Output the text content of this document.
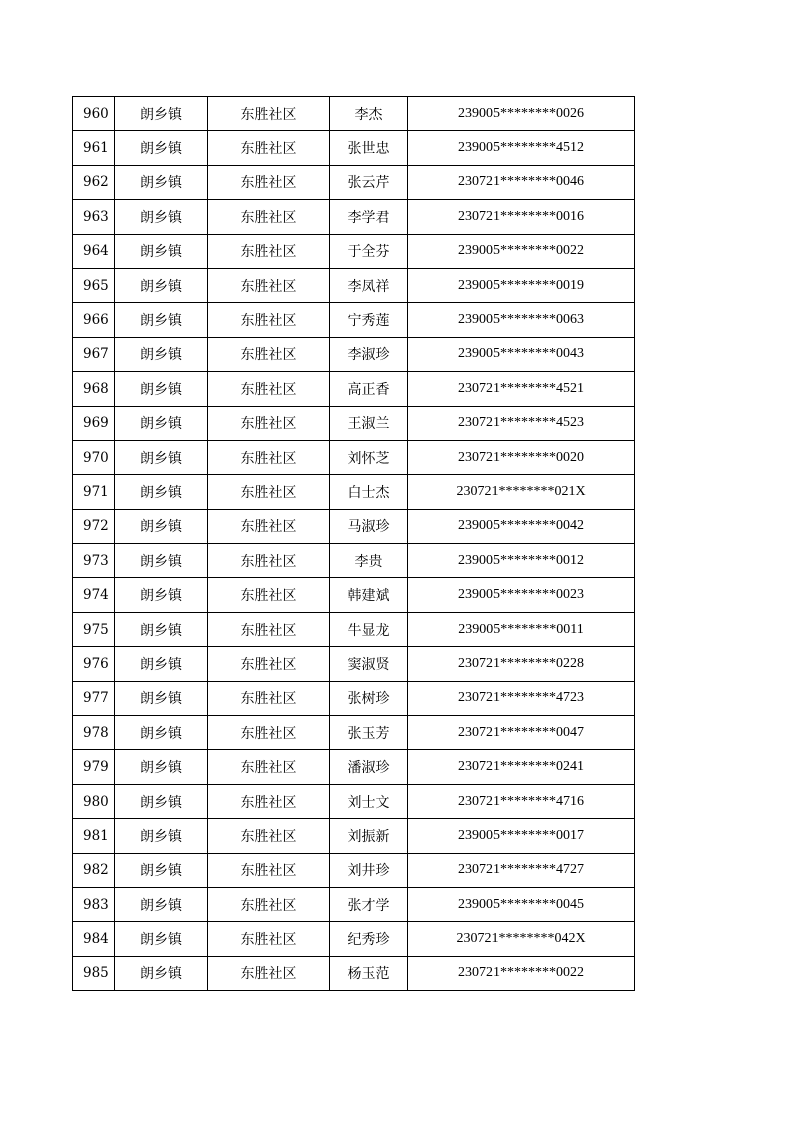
960	朗乡镇	东胜社区	李杰	239005********0026
961	朗乡镇	东胜社区	张世忠	239005********4512
962	朗乡镇	东胜社区	张云芹	230721********0046
963	朗乡镇	东胜社区	李学君	230721********0016
964	朗乡镇	东胜社区	于全芬	239005********0022
965	朗乡镇	东胜社区	李凤祥	239005********0019
966	朗乡镇	东胜社区	宁秀莲	239005********0063
967	朗乡镇	东胜社区	李淑珍	239005********0043
968	朗乡镇	东胜社区	高正香	230721********4521
969	朗乡镇	东胜社区	王淑兰	230721********4523
970	朗乡镇	东胜社区	刘怀芝	230721********0020
971	朗乡镇	东胜社区	白士杰	230721********021X
972	朗乡镇	东胜社区	马淑珍	239005********0042
973	朗乡镇	东胜社区	李贵	239005********0012
974	朗乡镇	东胜社区	韩建斌	239005********0023
975	朗乡镇	东胜社区	牛显龙	239005********0011
976	朗乡镇	东胜社区	窦淑贤	230721********0228
977	朗乡镇	东胜社区	张树珍	230721********4723
978	朗乡镇	东胜社区	张玉芳	230721********0047
979	朗乡镇	东胜社区	潘淑珍	230721********0241
980	朗乡镇	东胜社区	刘士文	230721********4716
981	朗乡镇	东胜社区	刘振新	239005********0017
982	朗乡镇	东胜社区	刘井珍	230721********4727
983	朗乡镇	东胜社区	张才学	239005********0045
984	朗乡镇	东胜社区	纪秀珍	230721********042X
985	朗乡镇	东胜社区	杨玉范	230721********0022
